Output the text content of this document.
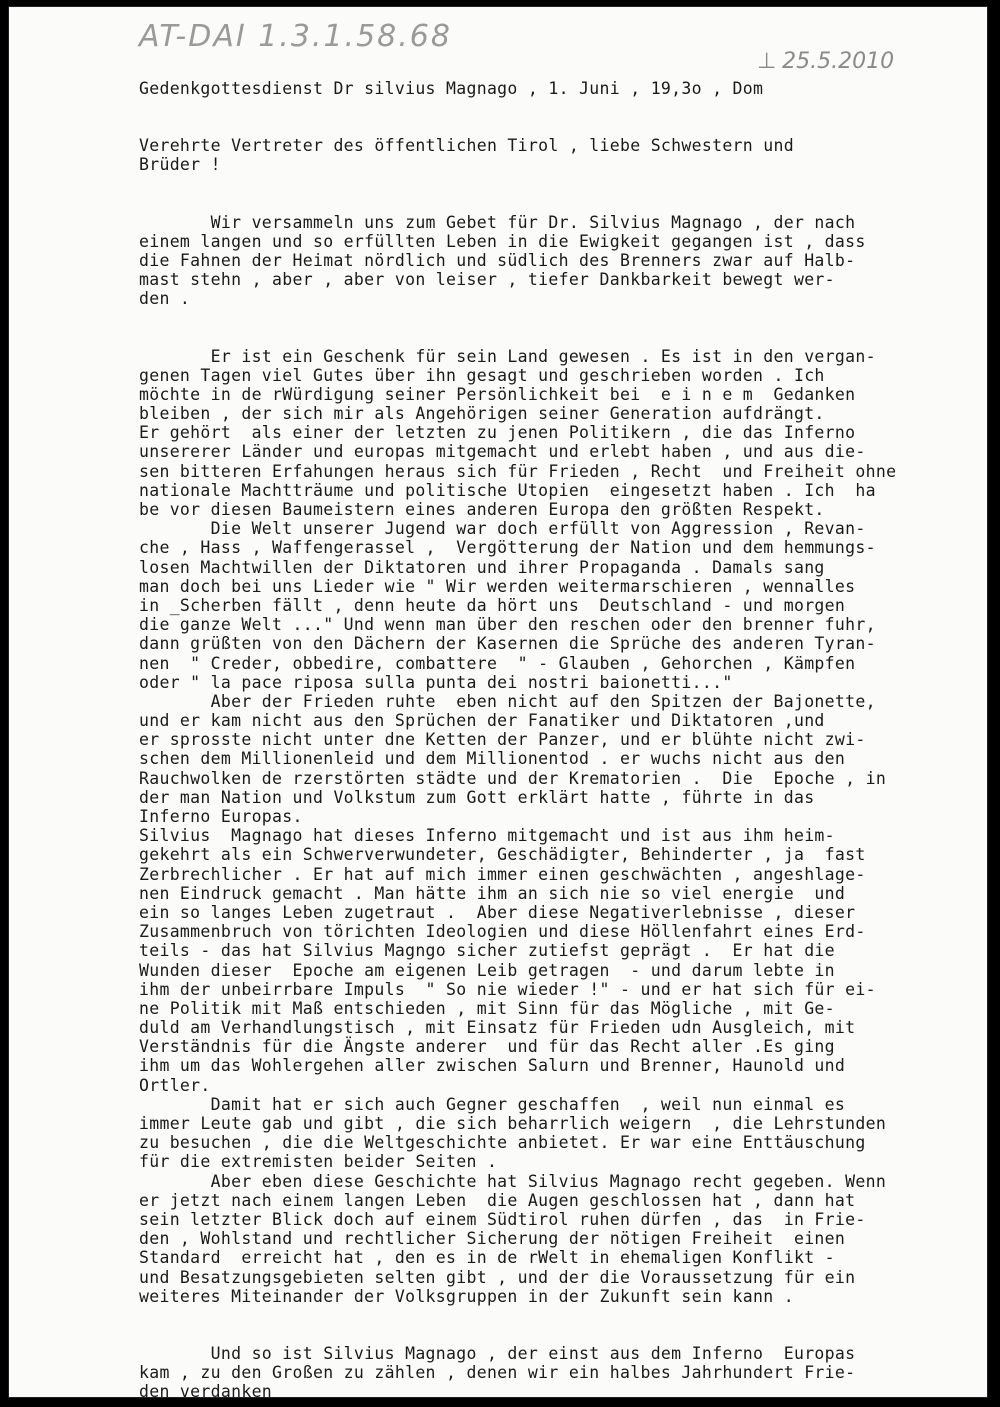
AT-DAI 1.3.1.58.68
⊥ 25.5.2010
Gedenkgottesdienst Dr silvius Magnago , 1. Juni , 19,3o , Dom
Verehrte Vertreter des öffentlichen Tirol , liebe Schwestern und
Brüder !
Wir versammeln uns zum Gebet für Dr. Silvius Magnago , der nach
einem langen und so erfüllten Leben in die Ewigkeit gegangen ist , dass
die Fahnen der Heimat nördlich und südlich des Brenners zwar auf Halb-
mast stehn , aber , aber von leiser , tiefer Dankbarkeit bewegt wer-
den .
Er ist ein Geschenk für sein Land gewesen . Es ist in den vergan-
genen Tagen viel Gutes über ihn gesagt und geschrieben worden . Ich
möchte in de rWürdigung seiner Persönlichkeit bei  e i n e m  Gedanken
bleiben , der sich mir als Angehörigen seiner Generation aufdrängt.
Er gehört  als einer der letzten zu jenen Politikern , die das Inferno
unsererer Länder und europas mitgemacht und erlebt haben , und aus die-
sen bitteren Erfahungen heraus sich für Frieden , Recht  und Freiheit ohne
nationale Machtträume und politische Utopien  eingesetzt haben . Ich  ha
be vor diesen Baumeistern eines anderen Europa den größten Respekt.
Die Welt unserer Jugend war doch erfüllt von Aggression , Revan-
che , Hass , Waffengerassel ,  Vergötterung der Nation und dem hemmungs-
losen Machtwillen der Diktatoren und ihrer Propaganda . Damals sang
man doch bei uns Lieder wie " Wir werden weitermarschieren , wennalles
in _Scherben fällt , denn heute da hört uns  Deutschland - und morgen
die ganze Welt ..." Und wenn man über den reschen oder den brenner fuhr,
dann grüßten von den Dächern der Kasernen die Sprüche des anderen Tyran-
nen  " Creder, obbedire, combattere  " - Glauben , Gehorchen , Kämpfen
oder " la pace riposa sulla punta dei nostri baionetti..."
Aber der Frieden ruhte  eben nicht auf den Spitzen der Bajonette,
und er kam nicht aus den Sprüchen der Fanatiker und Diktatoren ,und
er sprosste nicht unter dne Ketten der Panzer, und er blühte nicht zwi-
schen dem Millionenleid und dem Millionentod . er wuchs nicht aus den
Rauchwolken de rzerstörten städte und der Krematorien .  Die  Epoche , in
der man Nation und Volkstum zum Gott erklärt hatte , führte in das
Inferno Europas.
Silvius  Magnago hat dieses Inferno mitgemacht und ist aus ihm heim-
gekehrt als ein Schwerverwundeter, Geschädigter, Behinderter , ja  fast
Zerbrechlicher . Er hat auf mich immer einen geschwächten , angeshlage-
nen Eindruck gemacht . Man hätte ihm an sich nie so viel energie  und
ein so langes Leben zugetraut .  Aber diese Negativerlebnisse , dieser
Zusammenbruch von törichten Ideologien und diese Höllenfahrt eines Erd-
teils - das hat Silvius Magngo sicher zutiefst geprägt .  Er hat die
Wunden dieser  Epoche am eigenen Leib getragen  - und darum lebte in
ihm der unbeirrbare Impuls  " So nie wieder !" - und er hat sich für ei-
ne Politik mit Maß entschieden , mit Sinn für das Mögliche , mit Ge-
duld am Verhandlungstisch , mit Einsatz für Frieden udn Ausgleich, mit
Verständnis für die Ängste anderer  und für das Recht aller .Es ging
ihm um das Wohlergehen aller zwischen Salurn und Brenner, Haunold und
Ortler.
Damit hat er sich auch Gegner geschaffen  , weil nun einmal es
immer Leute gab und gibt , die sich beharrlich weigern  , die Lehrstunden
zu besuchen , die die Weltgeschichte anbietet. Er war eine Enttäuschung
für die extremisten beider Seiten .
Aber eben diese Geschichte hat Silvius Magnago recht gegeben. Wenn
er jetzt nach einem langen Leben  die Augen geschlossen hat , dann hat
sein letzter Blick doch auf einem Südtirol ruhen dürfen , das  in Frie-
den , Wohlstand und rechtlicher Sicherung der nötigen Freiheit  einen
Standard  erreicht hat , den es in de rWelt in ehemaligen Konflikt -
und Besatzungsgebieten selten gibt , und der die Voraussetzung für ein
weiteres Miteinander der Volksgruppen in der Zukunft sein kann .
Und so ist Silvius Magnago , der einst aus dem Inferno  Europas
kam , zu den Großen zu zählen , denen wir ein halbes Jahrhundert Frie-
den verdanken
